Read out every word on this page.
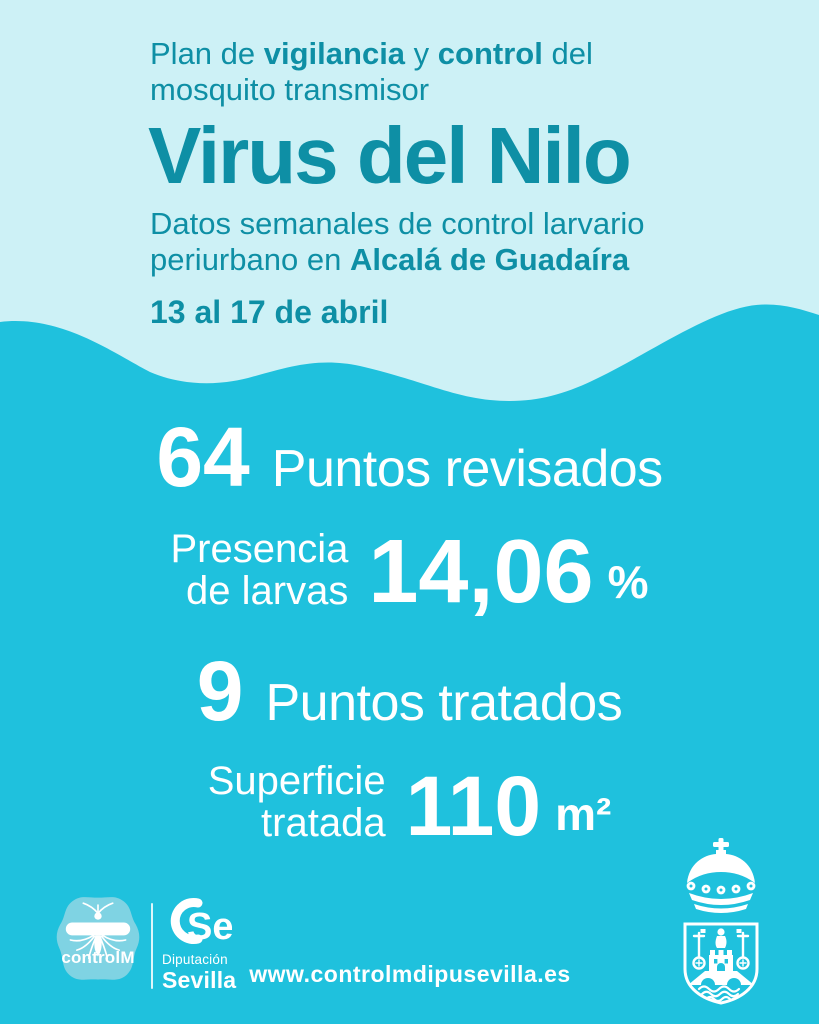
Plan de vigilancia y control del
mosquito transmisor
Virus del Nilo
Datos semanales de control larvario
periurbano en Alcalá de Guadaíra
13 al 17 de abril
64 Puntos revisados
Presencia
de larvas 14,06 %
9 Puntos tratados
Superficie
tratada 110 m²
controlM
Se
Diputación
Sevilla www.controlmdipusevilla.es
